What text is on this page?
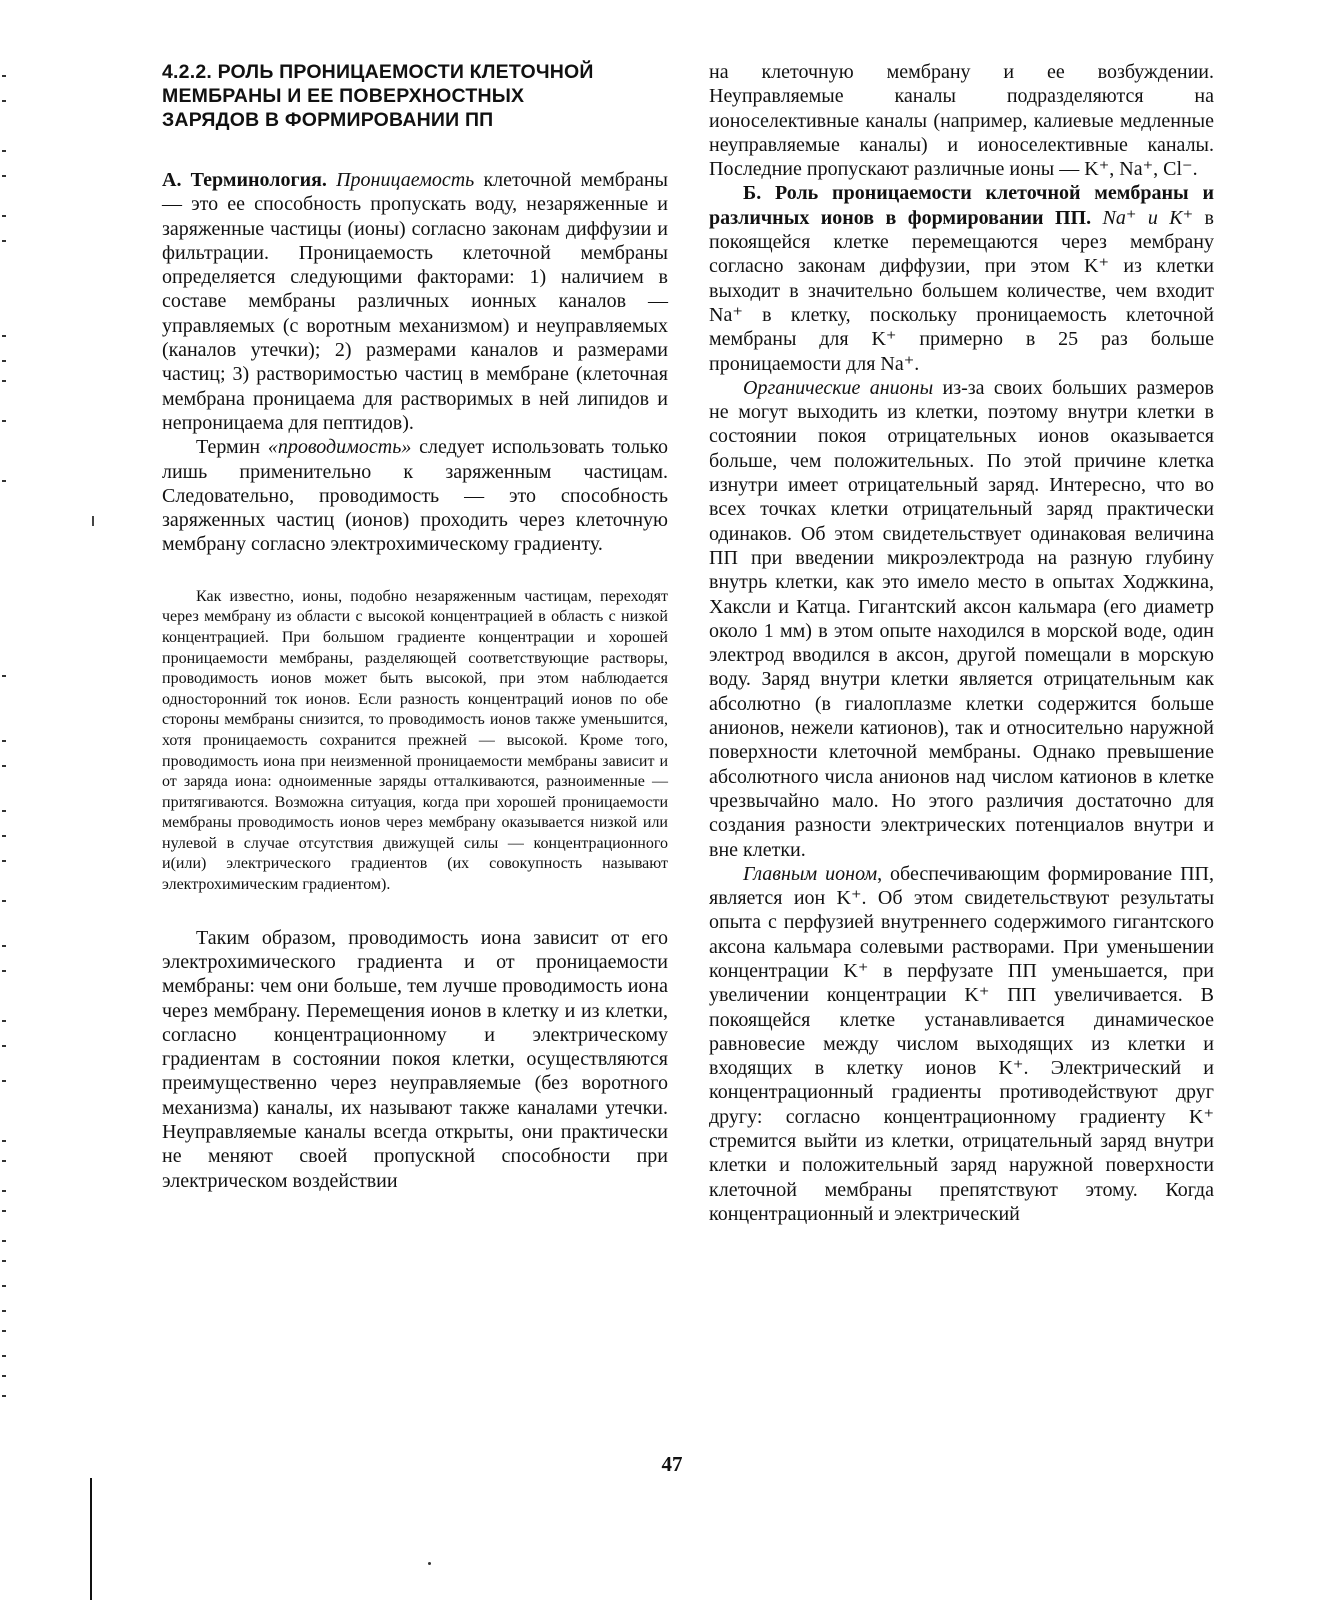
4.2.2. РОЛЬ ПРОНИЦАЕМОСТИ КЛЕТОЧНОЙ
МЕМБРАНЫ И ЕЕ ПОВЕРХНОСТНЫХ
ЗАРЯДОВ В ФОРМИРОВАНИИ ПП

А. Терминология. Проницаемость клеточной мембраны — это ее способность пропускать воду, незаряженные и заряженные частицы (ионы) согласно законам диффузии и фильтрации. Проницаемость клеточной мембраны определяется следующими факторами: 1) наличием в составе мембраны различных ионных каналов — управляемых (с воротным механизмом) и неуправляемых (каналов утечки); 2) размерами каналов и размерами частиц; 3) растворимостью частиц в мембране (клеточная мембрана проницаема для растворимых в ней липидов и непроницаема для пептидов).

Термин «проводимость» следует использовать только лишь применительно к заряженным частицам. Следовательно, проводимость — это способность заряженных частиц (ионов) проходить через клеточную мембрану согласно электрохимическому градиенту.

Как известно, ионы, подобно незаряженным частицам, переходят через мембрану из области с высокой концентрацией в область с низкой концентрацией. При большом градиенте концентрации и хорошей проницаемости мембраны, разделяющей соответствующие растворы, проводимость ионов может быть высокой, при этом наблюдается односторонний ток ионов. Если разность концентраций ионов по обе стороны мембраны снизится, то проводимость ионов также уменьшится, хотя проницаемость сохранится прежней — высокой. Кроме того, проводимость иона при неизменной проницаемости мембраны зависит и от заряда иона: одноименные заряды отталкиваются, разноименные — притягиваются. Возможна ситуация, когда при хорошей проницаемости мембраны проводимость ионов через мембрану оказывается низкой или нулевой в случае отсутствия движущей силы — концентрационного и(или) электрического градиентов (их совокупность называют электрохимическим градиентом).

Таким образом, проводимость иона зависит от его электрохимического градиента и от проницаемости мембраны: чем они больше, тем лучше проводимость иона через мембрану. Перемещения ионов в клетку и из клетки, согласно концентрационному и электрическому градиентам в состоянии покоя клетки, осуществляются преимущественно через неуправляемые (без воротного механизма) каналы, их называют также каналами утечки. Неуправляемые каналы всегда открыты, они практически не меняют своей пропускной способности при электрическом воздействии

на клеточную мембрану и ее возбуждении. Неуправляемые каналы подразделяются на ионоселективные каналы (например, калиевые медленные неуправляемые каналы) и ионоселективные каналы. Последние пропускают различные ионы — K⁺, Na⁺, Cl⁻.

Б. Роль проницаемости клеточной мембраны и различных ионов в формировании ПП. Na⁺ и K⁺ в покоящейся клетке перемещаются через мембрану согласно законам диффузии, при этом K⁺ из клетки выходит в значительно большем количестве, чем входит Na⁺ в клетку, поскольку проницаемость клеточной мембраны для K⁺ примерно в 25 раз больше проницаемости для Na⁺.

Органические анионы из-за своих больших размеров не могут выходить из клетки, поэтому внутри клетки в состоянии покоя отрицательных ионов оказывается больше, чем положительных. По этой причине клетка изнутри имеет отрицательный заряд. Интересно, что во всех точках клетки отрицательный заряд практически одинаков. Об этом свидетельствует одинаковая величина ПП при введении микроэлектрода на разную глубину внутрь клетки, как это имело место в опытах Ходжкина, Хаксли и Катца. Гигантский аксон кальмара (его диаметр около 1 мм) в этом опыте находился в морской воде, один электрод вводился в аксон, другой помещали в морскую воду. Заряд внутри клетки является отрицательным как абсолютно (в гиалоплазме клетки содержится больше анионов, нежели катионов), так и относительно наружной поверхности клеточной мембраны. Однако превышение абсолютного числа анионов над числом катионов в клетке чрезвычайно мало. Но этого различия достаточно для создания разности электрических потенциалов внутри и вне клетки.

Главным ионом, обеспечивающим формирование ПП, является ион K⁺. Об этом свидетельствуют результаты опыта с перфузией внутреннего содержимого гигантского аксона кальмара солевыми растворами. При уменьшении концентрации K⁺ в перфузате ПП уменьшается, при увеличении концентрации K⁺ ПП увеличивается. В покоящейся клетке устанавливается динамическое равновесие между числом выходящих из клетки и входящих в клетку ионов K⁺. Электрический и концентрационный градиенты противодействуют друг другу: согласно концентрационному градиенту K⁺ стремится выйти из клетки, отрицательный заряд внутри клетки и положительный заряд наружной поверхности клеточной мембраны препятствуют этому. Когда концентрационный и электрический

47
